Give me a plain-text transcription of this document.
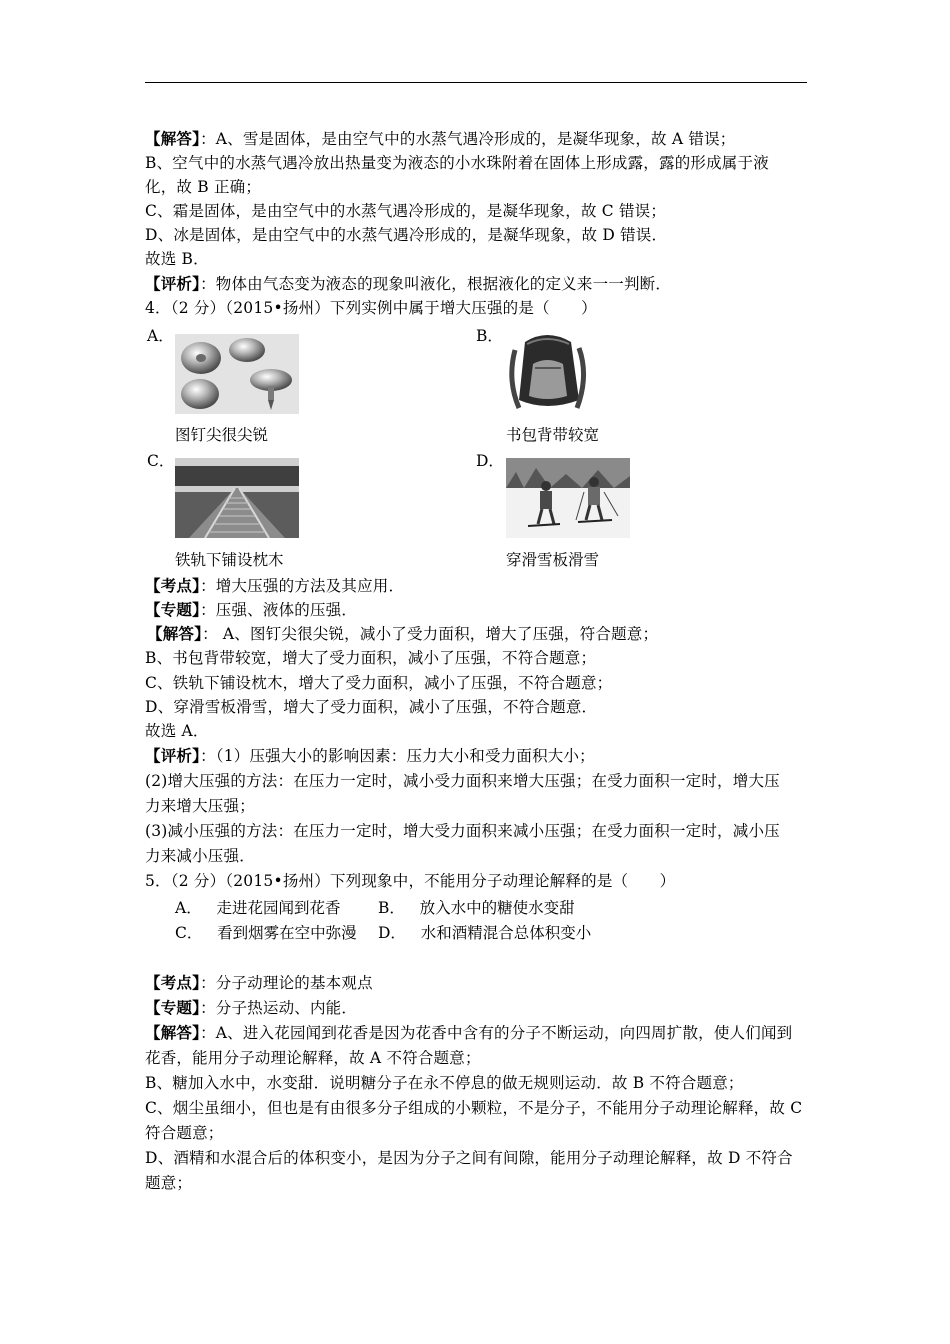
【解答】：A、雪是固体，是由空气中的水蒸气遇冷形成的，是凝华现象，故 A 错误；
B、空气中的水蒸气遇冷放出热量变为液态的小水珠附着在固体上形成露，露的形成属于液
化，故 B 正确；
C、霜是固体，是由空气中的水蒸气遇冷形成的，是凝华现象，故 C 错误；
D、冰是固体，是由空气中的水蒸气遇冷形成的，是凝华现象，故 D 错误．
故选 B．
【评析】：物体由气态变为液态的现象叫液化，根据液化的定义来一一判断．
4．（2 分）（2015•扬州）下列实例中属于增大压强的是（　　）
A．
图钉尖很尖锐
B．
书包背带较宽
C．
铁轨下铺设枕木
D．
穿滑雪板滑雪
【考点】：增大压强的方法及其应用．
【专题】：压强、液体的压强．
【解答】： A、图钉尖很尖锐，减小了受力面积，增大了压强，符合题意；
B、书包背带较宽，增大了受力面积，减小了压强，不符合题意；
C、铁轨下铺设枕木，增大了受力面积，减小了压强，不符合题意；
D、穿滑雪板滑雪，增大了受力面积，减小了压强，不符合题意．
故选 A．
【评析】：（1）压强大小的影响因素：压力大小和受力面积大小；
(2)增大压强的方法：在压力一定时，减小受力面积来增大压强；在受力面积一定时，增大压
力来增大压强；
(3)减小压强的方法：在压力一定时，增大受力面积来减小压强；在受力面积一定时，减小压
力来减小压强．
5．（2 分）（2015•扬州）下列现象中，不能用分子动理论解释的是（　　）
A． 走进花园闻到花香 B． 放入水中的糖使水变甜
C． 看到烟雾在空中弥漫 D． 水和酒精混合总体积变小
【考点】：分子动理论的基本观点
【专题】：分子热运动、内能．
【解答】：A、进入花园闻到花香是因为花香中含有的分子不断运动，向四周扩散，使人们闻到
花香，能用分子动理论解释，故 A 不符合题意；
B、糖加入水中，水变甜．说明糖分子在永不停息的做无规则运动．故 B 不符合题意；
C、烟尘虽细小，但也是有由很多分子组成的小颗粒，不是分子，不能用分子动理论解释，故 C
符合题意；
D、酒精和水混合后的体积变小，是因为分子之间有间隙，能用分子动理论解释，故 D 不符合
题意；
